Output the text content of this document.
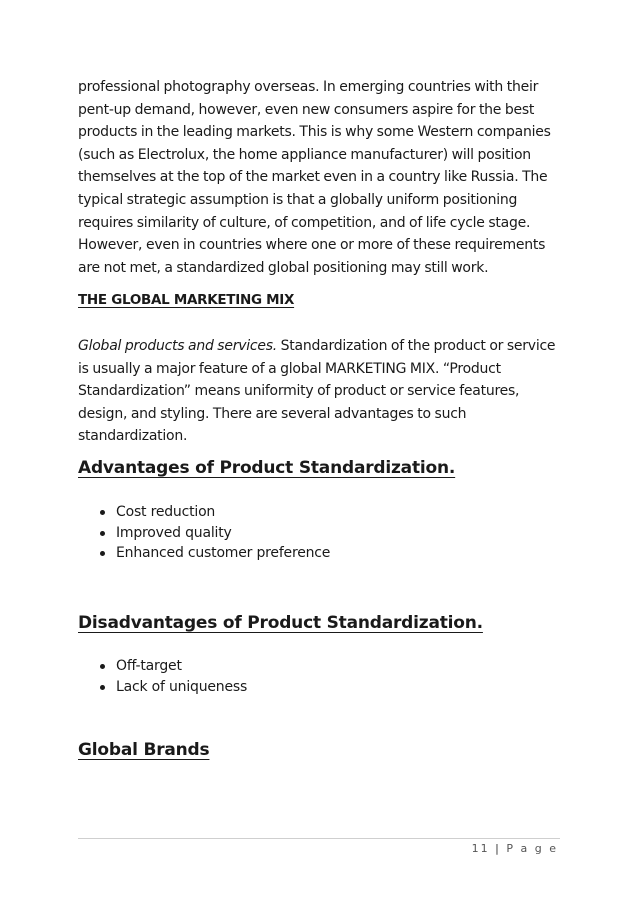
professional photography overseas. In emerging countries with their pent-up demand, however, even new consumers aspire for the best products in the leading markets. This is why some Western companies (such as Electrolux, the home appliance manufacturer) will position themselves at the top of the market even in a country like Russia. The typical strategic assumption is that a globally uniform positioning requires similarity of culture, of competition, and of life cycle stage. However, even in countries where one or more of these requirements are not met, a standardized global positioning may still work.

THE GLOBAL MARKETING MIX

Global products and services. Standardization of the product or service is usually a major feature of a global MARKETING MIX. “Product Standardization” means uniformity of product or service features, design, and styling. There are several advantages to such standardization.

Advantages of Product Standardization.
Cost reduction
Improved quality
Enhanced customer preference
Disadvantages of Product Standardization.
Off-target
Lack of uniqueness
Global Brands
11 | P a g e
